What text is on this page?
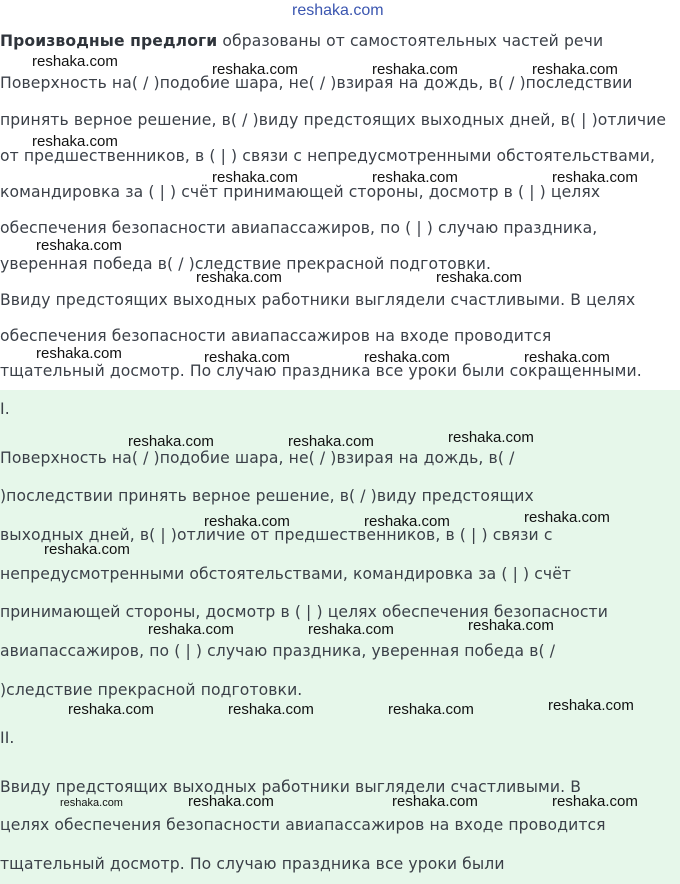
reshaka.com
Производные предлоги образованы от самостоятельных частей речи
Поверхность на( / )подобие шара, не( / )взирая на дождь, в( / )последствии
принять верное решение, в( / )виду предстоящих выходных дней, в( | )отличие
от предшественников, в ( | ) связи с непредусмотренными обстоятельствами,
командировка за ( | ) счёт принимающей стороны, досмотр в ( | ) целях
обеспечения безопасности авиапассажиров, по ( | ) случаю праздника,
уверенная победа в( / )следствие прекрасной подготовки.
Ввиду предстоящих выходных работники выглядели счастливыми. В целях
обеспечения безопасности авиапассажиров на входе проводится
тщательный досмотр. По случаю праздника все уроки были сокращенными.
I.
Поверхность на( / )подобие шара, не( / )взирая на дождь, в( /
)последствии принять верное решение, в( / )виду предстоящих
выходных дней, в( | )отличие от предшественников, в ( | ) связи с
непредусмотренными обстоятельствами, командировка за ( | ) счёт
принимающей стороны, досмотр в ( | ) целях обеспечения безопасности
авиапассажиров, по ( | ) случаю праздника, уверенная победа в( /
)следствие прекрасной подготовки.
II.
Ввиду предстоящих выходных работники выглядели счастливыми. В
целях обеспечения безопасности авиапассажиров на входе проводится
тщательный досмотр. По случаю праздника все уроки были
reshaka.com	reshaka.com	reshaka.com	reshaka.com
reshaka.com
reshaka.com	reshaka.com	reshaka.com
reshaka.com
reshaka.com	reshaka.com
reshaka.com	reshaka.com	reshaka.com	reshaka.com
reshaka.com	reshaka.com	reshaka.com
reshaka.com	reshaka.com	reshaka.com
reshaka.com
reshaka.com	reshaka.com	reshaka.com
reshaka.com	reshaka.com	reshaka.com	reshaka.com
reshaka.com	reshaka.com	reshaka.com	reshaka.com
